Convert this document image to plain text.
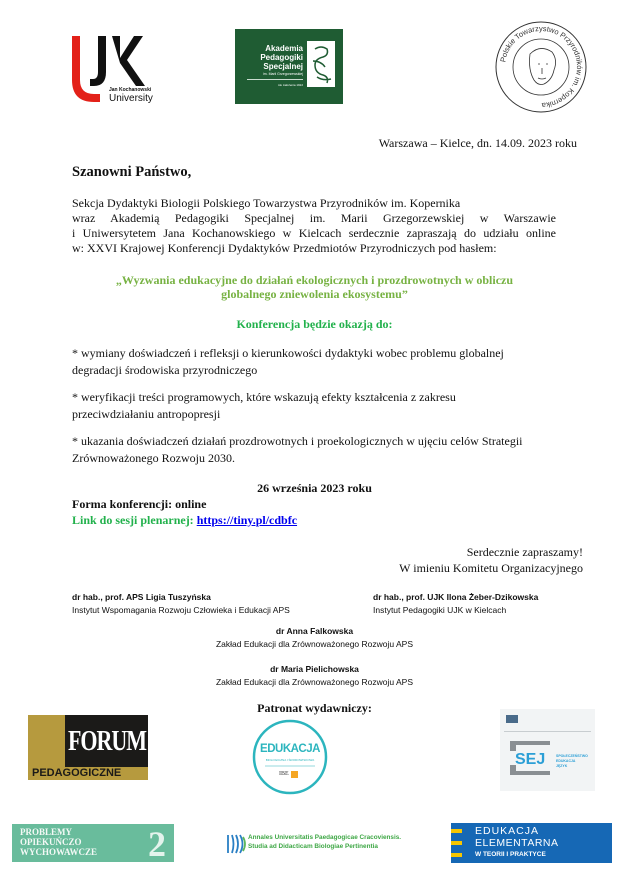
Jan Kochanowski
University
Akademia
Pedagogiki
Specjalnej
im. Marii Grzegorzewskiej
rok założenia 1922
Polskie Towarzystwo Przyrodników im. Kopernika
Warszawa – Kielce, dn. 14.09. 2023 roku
Szanowni Państwo,
Sekcja Dydaktyki Biologii Polskiego Towarzystwa Przyrodników im. Kopernika
wraz Akademią Pedagogiki Specjalnej im. Marii Grzegorzewskiej w Warszawie
i Uniwersytetem Jana Kochanowskiego w Kielcach serdecznie zapraszają do udziału online
w: XXVI Krajowej Konferencji Dydaktyków Przedmiotów Przyrodniczych pod hasłem:
„Wyzwania edukacyjne do działań ekologicznych i prozdrowotnych w obliczu
globalnego zniewolenia ekosystemu”
Konferencja będzie okazją do:
* wymiany doświadczeń i refleksji o kierunkowości dydaktyki wobec problemu globalnej
degradacji środowiska przyrodniczego
* weryfikacji treści programowych, które wskazują efekty kształcenia z zakresu
przeciwdziałaniu antropopresji
* ukazania doświadczeń działań prozdrowotnych i proekologicznych w ujęciu celów Strategii
Zrównoważonego Rozwoju 2030.
26 września 2023 roku
Forma konferencji: online
Link do sesji plenarnej: https://tiny.pl/cdbfc
Serdecznie zapraszamy!
W imieniu Komitetu Organizacyjnego
dr hab., prof. APS Ligia Tuszyńska
Instytut Wspomagania Rozwoju Człowieka i Edukacji APS
dr hab., prof. UJK Ilona Żeber-Dzikowska
Instytut Pedagogiki UJK w Kielcach
dr Anna Falkowska
Zakład Edukacji dla Zrównoważonego Rozwoju APS
dr Maria Pielichowska
Zakład Edukacji dla Zrównoważonego Rozwoju APS
Patronat wydawniczy:
FORUM
PEDAGOGICZNE
EDUKACJA
BIOLOGICZNA I ŚRODOWISKOWA
IBE
SEJ	SPOŁECZEŃSTWO
EDUKACJA
JĘZYK
PROBLEMY
OPIEKUŃCZO
WYCHOWAWCZE 2	Annales Universitatis Paedagogicae Cracoviensis.
Studia ad Didacticam Biologiae Pertinentia
EDUKACJA
ELEMENTARNA
W TEORII I PRAKTYCE
